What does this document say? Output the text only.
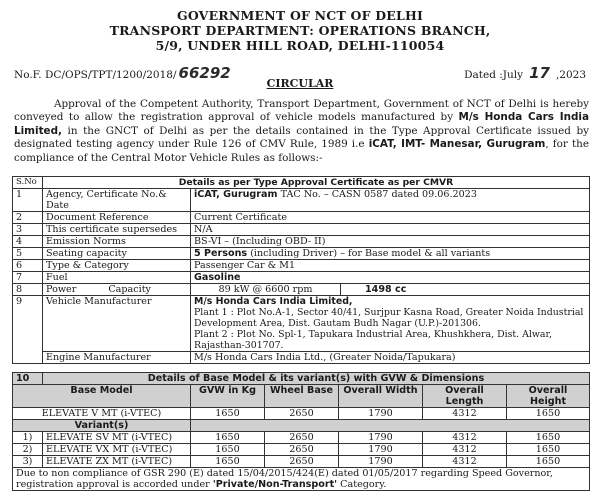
GOVERNMENT OF NCT OF DELHI
TRANSPORT DEPARTMENT: OPERATIONS BRANCH,
5/9, UNDER HILL ROAD, DELHI-110054
No.F. DC/OPS/TPT/1200/2018/ 66292	Dated :July 17 ,2023
CIRCULAR
Approval of the Competent Authority, Transport Department, Government of NCT of Delhi is hereby conveyed to allow the registration approval of vehicle models manufactured by M/s Honda Cars India Limited, in the GNCT of Delhi as per the details contained in the Type Approval Certificate issued by designated testing agency under Rule 126 of CMV Rule, 1989 i.e iCAT, IMT- Manesar, Gurugram, for the compliance of the Central Motor Vehicle Rules as follows:-
S.No	Details as per Type Approval Certificate as per CMVR		
1	Agency, Certificate No.& Date	iCAT, Gurugram TAC No. – CASN 0587 dated 09.06.2023	
2	Document Reference	Current Certificate	
3	This certificate supersedes	N/A	
4	Emission Norms	BS-VI – (Including OBD- II)	
5	Seating capacity	5 Persons (including Driver) – for Base model & all variants	
6	Type & Category	Passenger Car & M1	
7	Fuel	Gasoline	
8	Power Capacity	89 kW @ 6600 rpm	1498 cc
9	Vehicle Manufacturer	M/s Honda Cars India Limited,
Plant 1 : Plot No.A-1, Sector 40/41, Surjpur Kasna Road, Greater Noida Industrial Development Area, Dist. Gautam Budh Nagar (U.P.)-201306.
Plant 2 : Plot No. Spl-1, Tapukara Industrial Area, Khushkhera, Dist. Alwar, Rajasthan-301707.	

	Engine Manufacturer	M/s Honda Cars India Ltd., (Greater Noida/Tapukara)	
10	Details of Base Model & its variant(s) with GVW & Dimensions					
Base Model		GVW in Kg	Wheel Base	Overall Width	Overall Length	Overall Height
ELEVATE V MT (i-VTEC)		1650	2650	1790	4312	1650
Variant(s)						
1)	ELEVATE SV MT (i-VTEC)	1650	2650	1790	4312	1650
2)	ELEVATE VX MT (i-VTEC)	1650	2650	1790	4312	1650
3)	ELEVATE ZX MT (i-VTEC)	1650	2650	1790	4312	1650
Due to non compliance of GSR 290 (E) dated 15/04/2015/424(E) dated 01/05/2017 regarding Speed Governor, registration approval is accorded under 'Private/Non-Transport' Category.						
